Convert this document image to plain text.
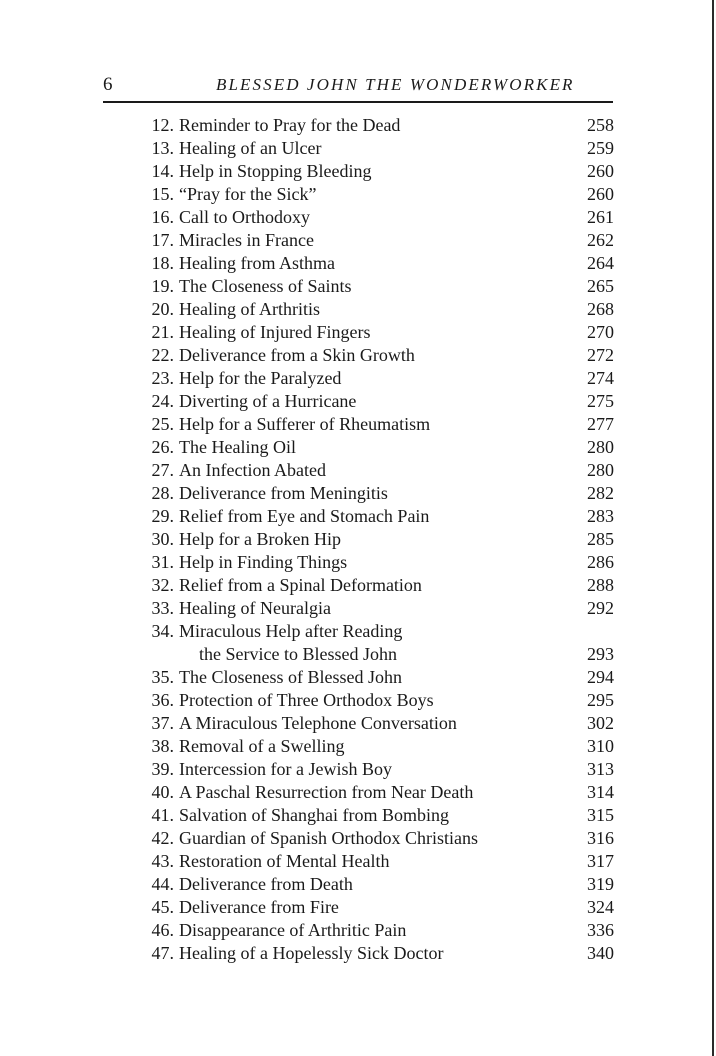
6	BLESSED JOHN THE WONDERWORKER
12. Reminder to Pray for the Dead	258
13. Healing of an Ulcer	259
14. Help in Stopping Bleeding	260
15. “Pray for the Sick”	260
16. Call to Orthodoxy	261
17. Miracles in France	262
18. Healing from Asthma	264
19. The Closeness of Saints	265
20. Healing of Arthritis	268
21. Healing of Injured Fingers	270
22. Deliverance from a Skin Growth	272
23. Help for the Paralyzed	274
24. Diverting of a Hurricane	275
25. Help for a Sufferer of Rheumatism	277
26. The Healing Oil	280
27. An Infection Abated	280
28. Deliverance from Meningitis	282
29. Relief from Eye and Stomach Pain	283
30. Help for a Broken Hip	285
31. Help in Finding Things	286
32. Relief from a Spinal Deformation	288
33. Healing of Neuralgia	292
34. Miraculous Help after Reading
the Service to Blessed John	293
35. The Closeness of Blessed John	294
36. Protection of Three Orthodox Boys	295
37. A Miraculous Telephone Conversation	302
38. Removal of a Swelling	310
39. Intercession for a Jewish Boy	313
40. A Paschal Resurrection from Near Death	314
41. Salvation of Shanghai from Bombing	315
42. Guardian of Spanish Orthodox Christians	316
43. Restoration of Mental Health	317
44. Deliverance from Death	319
45. Deliverance from Fire	324
46. Disappearance of Arthritic Pain	336
47. Healing of a Hopelessly Sick Doctor	340
